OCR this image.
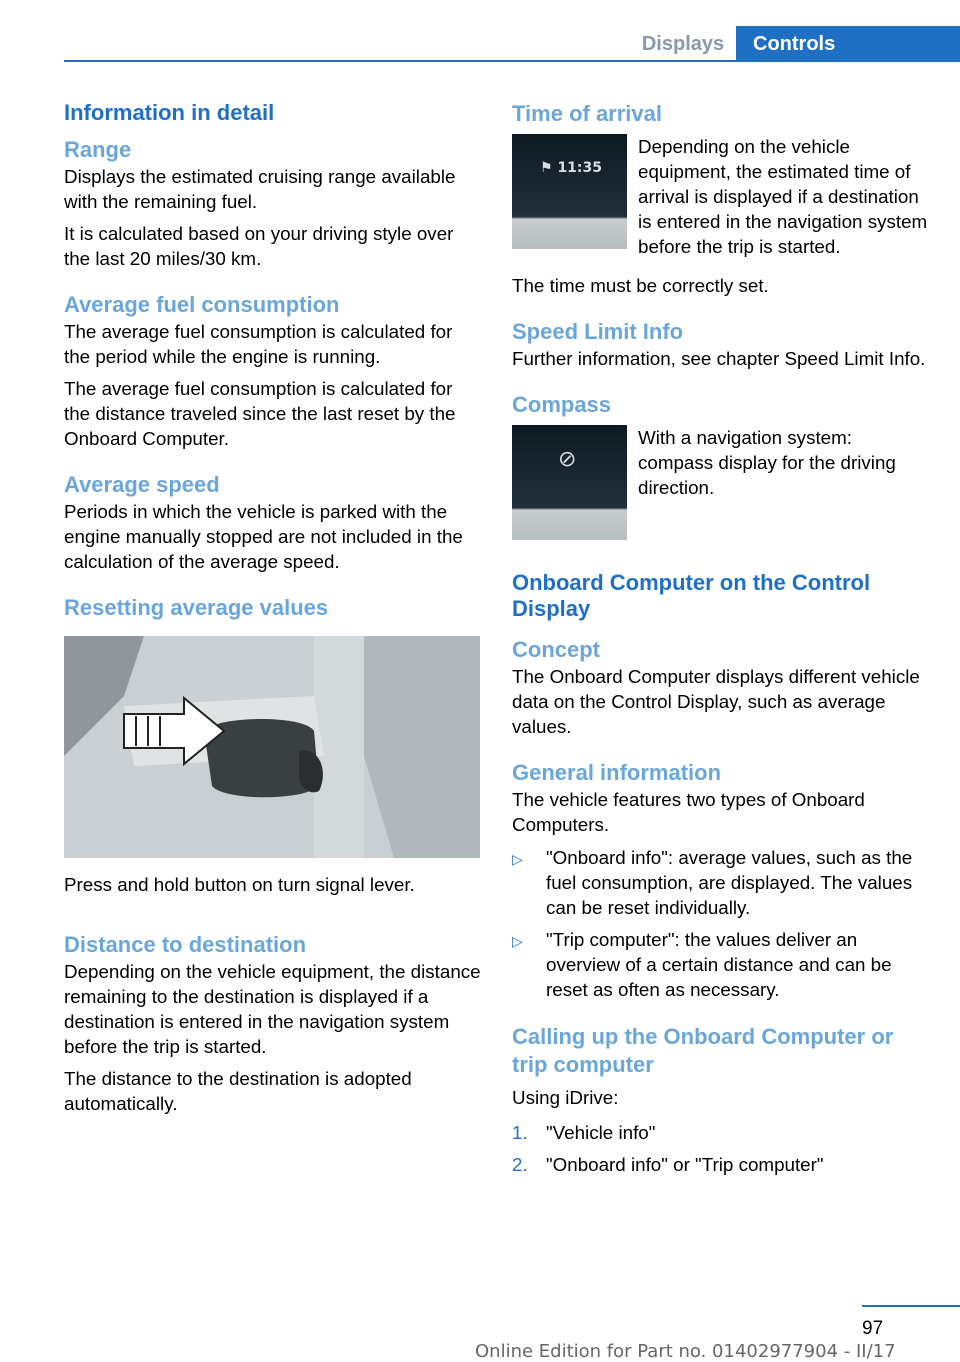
Displays	Controls
Information in detail
Range

Displays the estimated cruising range available with the remaining fuel.

It is calculated based on your driving style over the last 20 miles/30 km.

Average fuel consumption

The average fuel consumption is calculated for the period while the engine is running.

The average fuel consumption is calculated for the distance traveled since the last reset by the Onboard Computer.

Average speed

Periods in which the vehicle is parked with the engine manually stopped are not included in the calculation of the average speed.

Resetting average values

Press and hold button on turn signal lever.

Distance to destination

Depending on the vehicle equipment, the distance remaining to the destination is displayed if a destination is entered in the navigation system before the trip is started.

The distance to the destination is adopted automatically.

Time of arrival
⚑ 11:35

Depending on the vehicle equipment, the estimated time of arrival is displayed if a destination is entered in the navigation system before the trip is started.

The time must be correctly set.

Speed Limit Info

Further information, see chapter Speed Limit Info.

Compass
⊘

With a navigation system: compass display for the driving direction.

Onboard Computer on the Control Display
Concept

The Onboard Computer displays different vehicle data on the Control Display, such as average values.

General information

The vehicle features two types of Onboard Computers.

▷	"Onboard info": average values, such as the fuel consumption, are displayed. The values can be reset individually.
▷	"Trip computer": the values deliver an overview of a certain distance and can be reset as often as necessary.
Calling up the Onboard Computer or trip computer

Using iDrive:

1. "Vehicle info"
2. "Onboard info" or "Trip computer"
97
Online Edition for Part no. 01402977904 - II/17
